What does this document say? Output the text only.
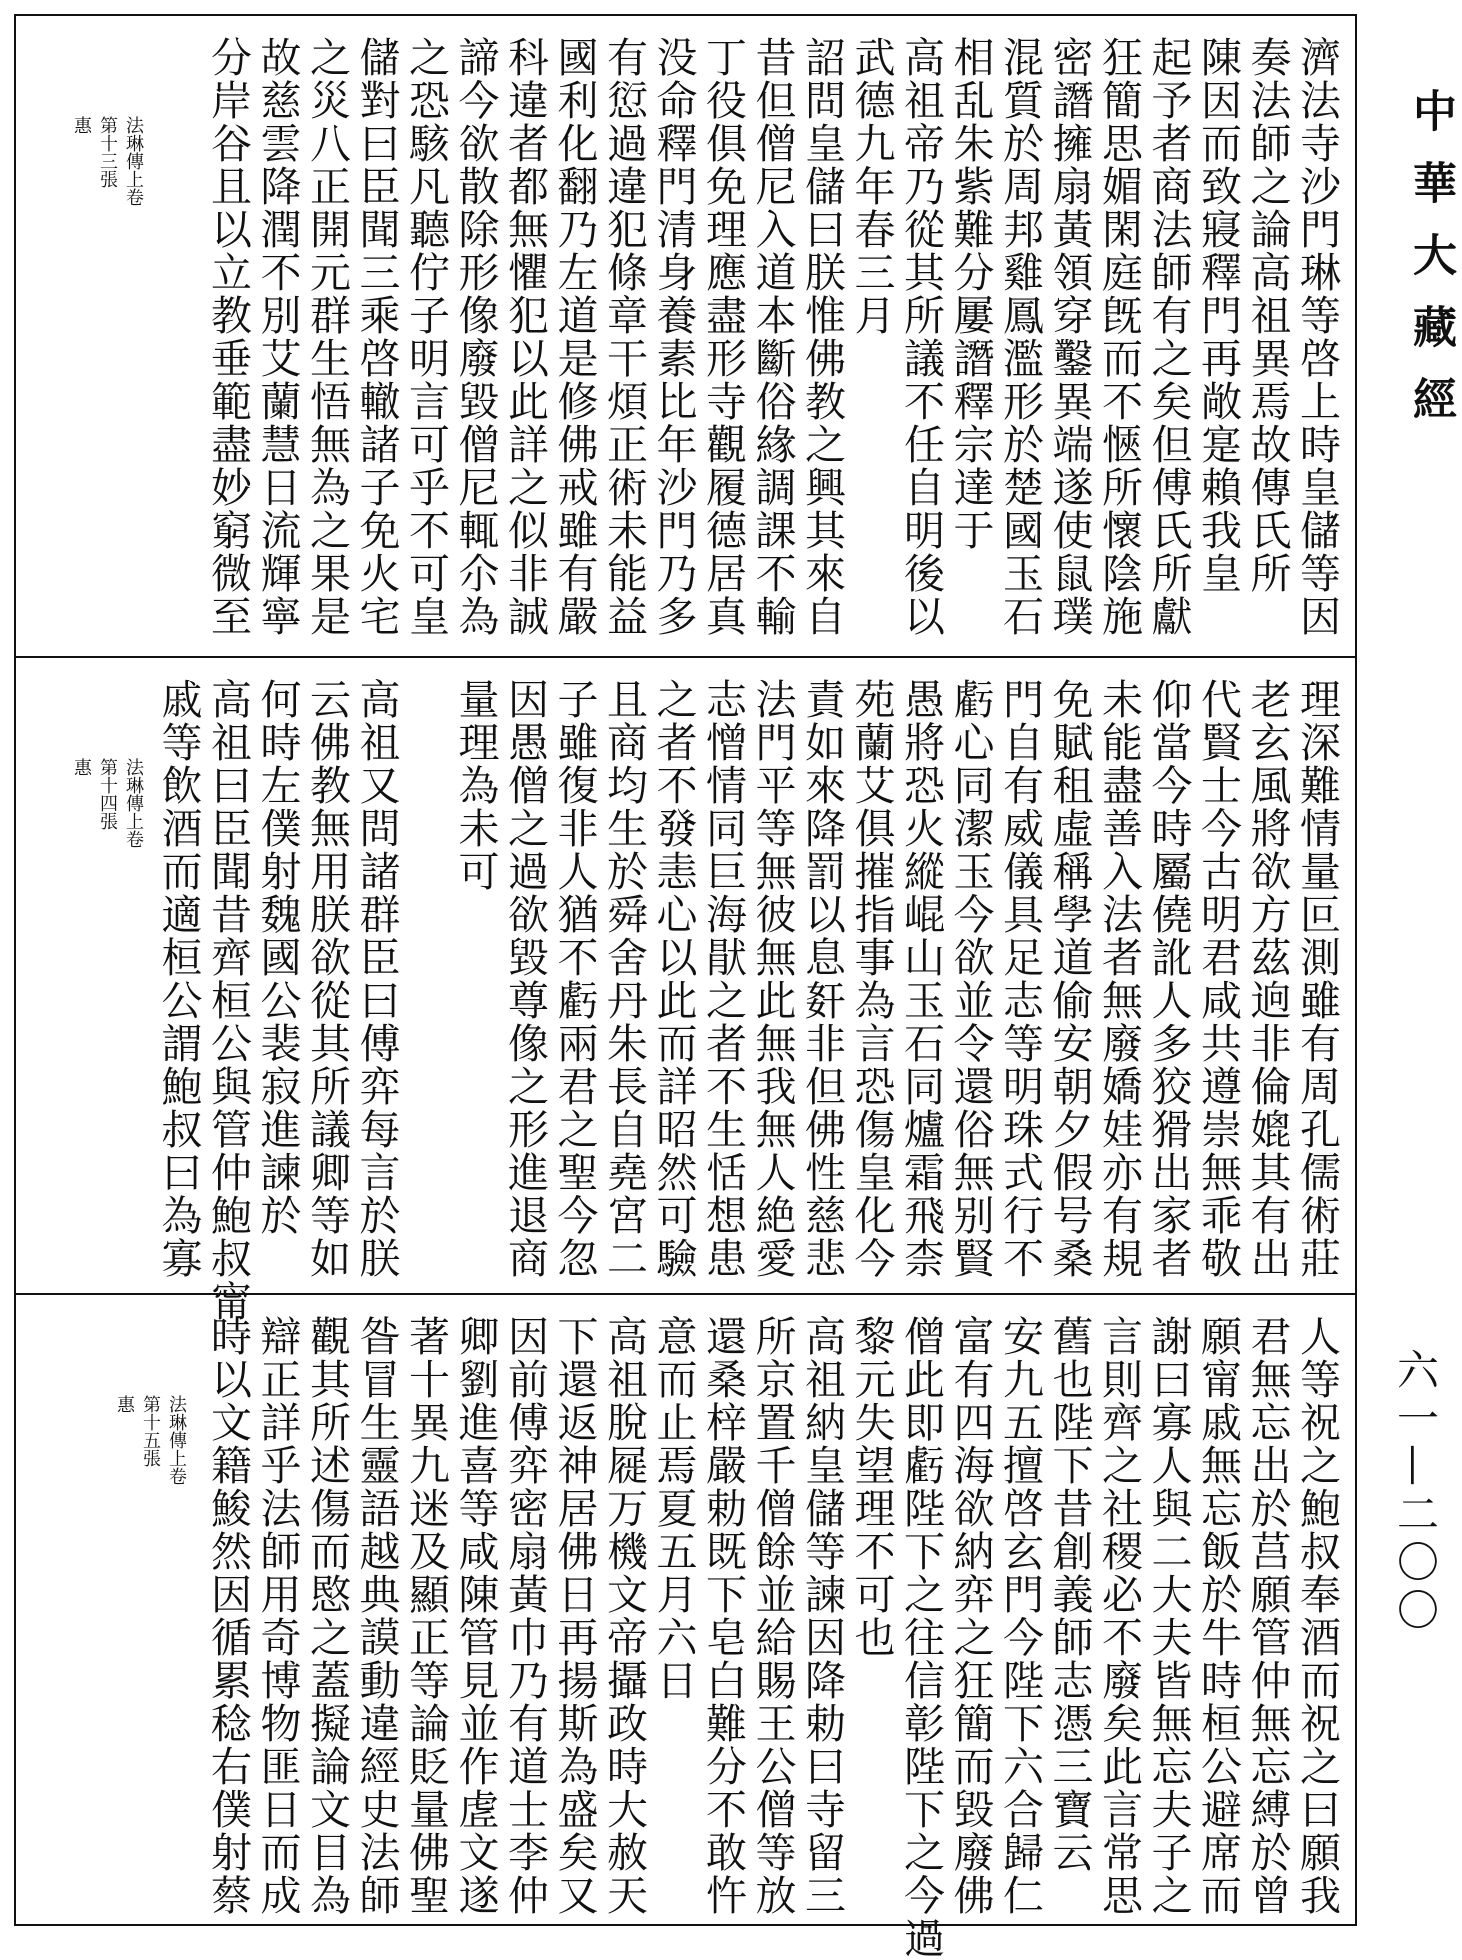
中華大藏經
六一—二〇〇
濟法寺沙門琳等啓上時皇儲等因
奏法師之論高祖異焉故傳氏所
陳因而致寢釋門再敞寔賴我皇
起予者商法師有之矣但傅氏所獻
狂簡思媚閑庭旣而不愜所懷陰施
密譖擁扇黃領穿鑿異端遂使鼠璞
混質於周邦雞鳳濫形於楚國玉石
相乱朱紫難分屢譖釋宗達于
高祖帝乃從其所議不任自明後以
武德九年春三月
詔問皇儲曰朕惟佛教之興其來自
昔但僧尼入道本斷俗緣調課不輸
丁役俱免理應盡形寺觀履德居真
没命釋門清身養素比年沙門乃多
有愆過違犯條章干煩正術未能益
國利化翻乃左道是修佛戒雖有嚴
科違者都無懼犯以此詳之似非誠
諦今欲散除形像廢毀僧尼輒尒為
之恐駭凡聽佇子明言可乎不可皇
儲對曰臣聞三乘啓轍諸子免火宅
之災八正開元群生悟無為之果是
故慈雲降潤不別艾蘭慧日流輝寧
分岸谷且以立教垂範盡妙窮微至

法琳傳上卷
第十三張
惠
理深難情量叵測雖有周孔儒術莊
老玄風將欲方茲逈非倫媲其有出
代賢士今古明君咸共遵崇無乖敬
仰當今時屬僥訛人多狡猾出家者
未能盡善入法者無廢嬌娃亦有規
免賦租虛稱學道偷安朝夕假号桑
門自有威儀具足志等明珠式行不
虧心同潔玉今欲並令還俗無别賢
愚將恐火縱崐山玉石同爐霜飛柰
苑蘭艾俱摧指事為言恐傷皇化今
責如來降罰以息姧非但佛性慈悲
法門平等無彼無此無我無人絶愛
志憎情同巨海猒之者不生恬想患
之者不發恚心以此而詳昭然可驗
且商均生於舜舍丹朱長自堯宮二
子雖復非人猶不虧兩君之聖今忽
因愚僧之過欲毀尊像之形進退商
量理為未可

高祖又問諸群臣曰傅弈每言於朕
云佛教無用朕欲從其所議卿等如
何時左僕射魏國公裴寂進諫於
高祖曰臣聞昔齊桓公與管仲鮑叔甯
戚等飲酒而適桓公謂鮑叔曰為寡

法琳傳上卷
第十四張
惠
人等祝之鮑叔奉酒而祝之曰願我
君無忘出於莒願管仲無忘縛於曾
願甯戚無忘飯於牛時桓公避席而
謝曰寡人與二大夫皆無忘夫子之
言則齊之社稷必不廢矣此言常思
舊也陛下昔創義師志憑三寶云
安九五擅啓玄門今陛下六合歸仁
富有四海欲納弈之狂簡而毀廢佛
僧此即虧陛下之往信彰陛下之今過
黎元失望理不可也
高祖納皇儲等諫因降勅曰寺留三
所京置千僧餘並給賜王公僧等放
還桑梓嚴勅既下皂白難分不敢忤
意而止焉夏五月六日
高祖脫屣万機文帝攝政時大赦天
下還返神居佛日再揚斯為盛矣又
因前傅弈密扇黃巾乃有道士李仲
卿劉進喜等咸陳管見並作虗文遂
著十異九迷及顯正等論貶量佛聖
昝冒生靈語越典謨動違經史法師
觀其所述傷而愍之蓋擬論文目為
辯正詳乎法師用奇博物匪日而成
時以文籍鮻然因循累稔右僕射蔡

法琳傳上卷
第十五張
惠
